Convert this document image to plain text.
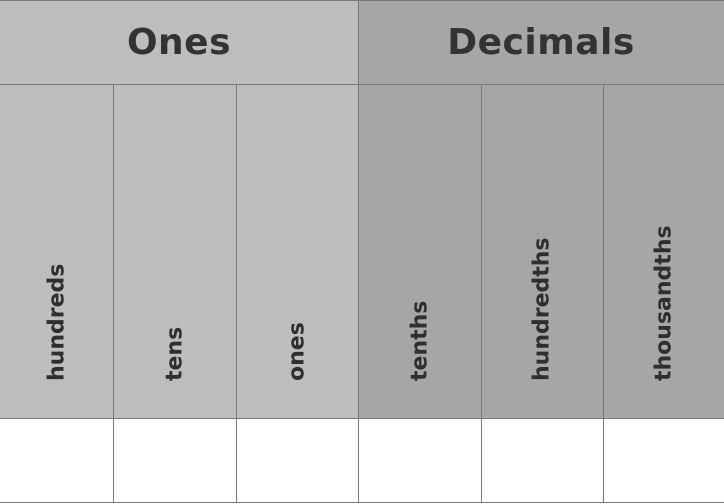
Ones	Decimals
hundreds	tens	ones	tenths	hundredths	thousandths
